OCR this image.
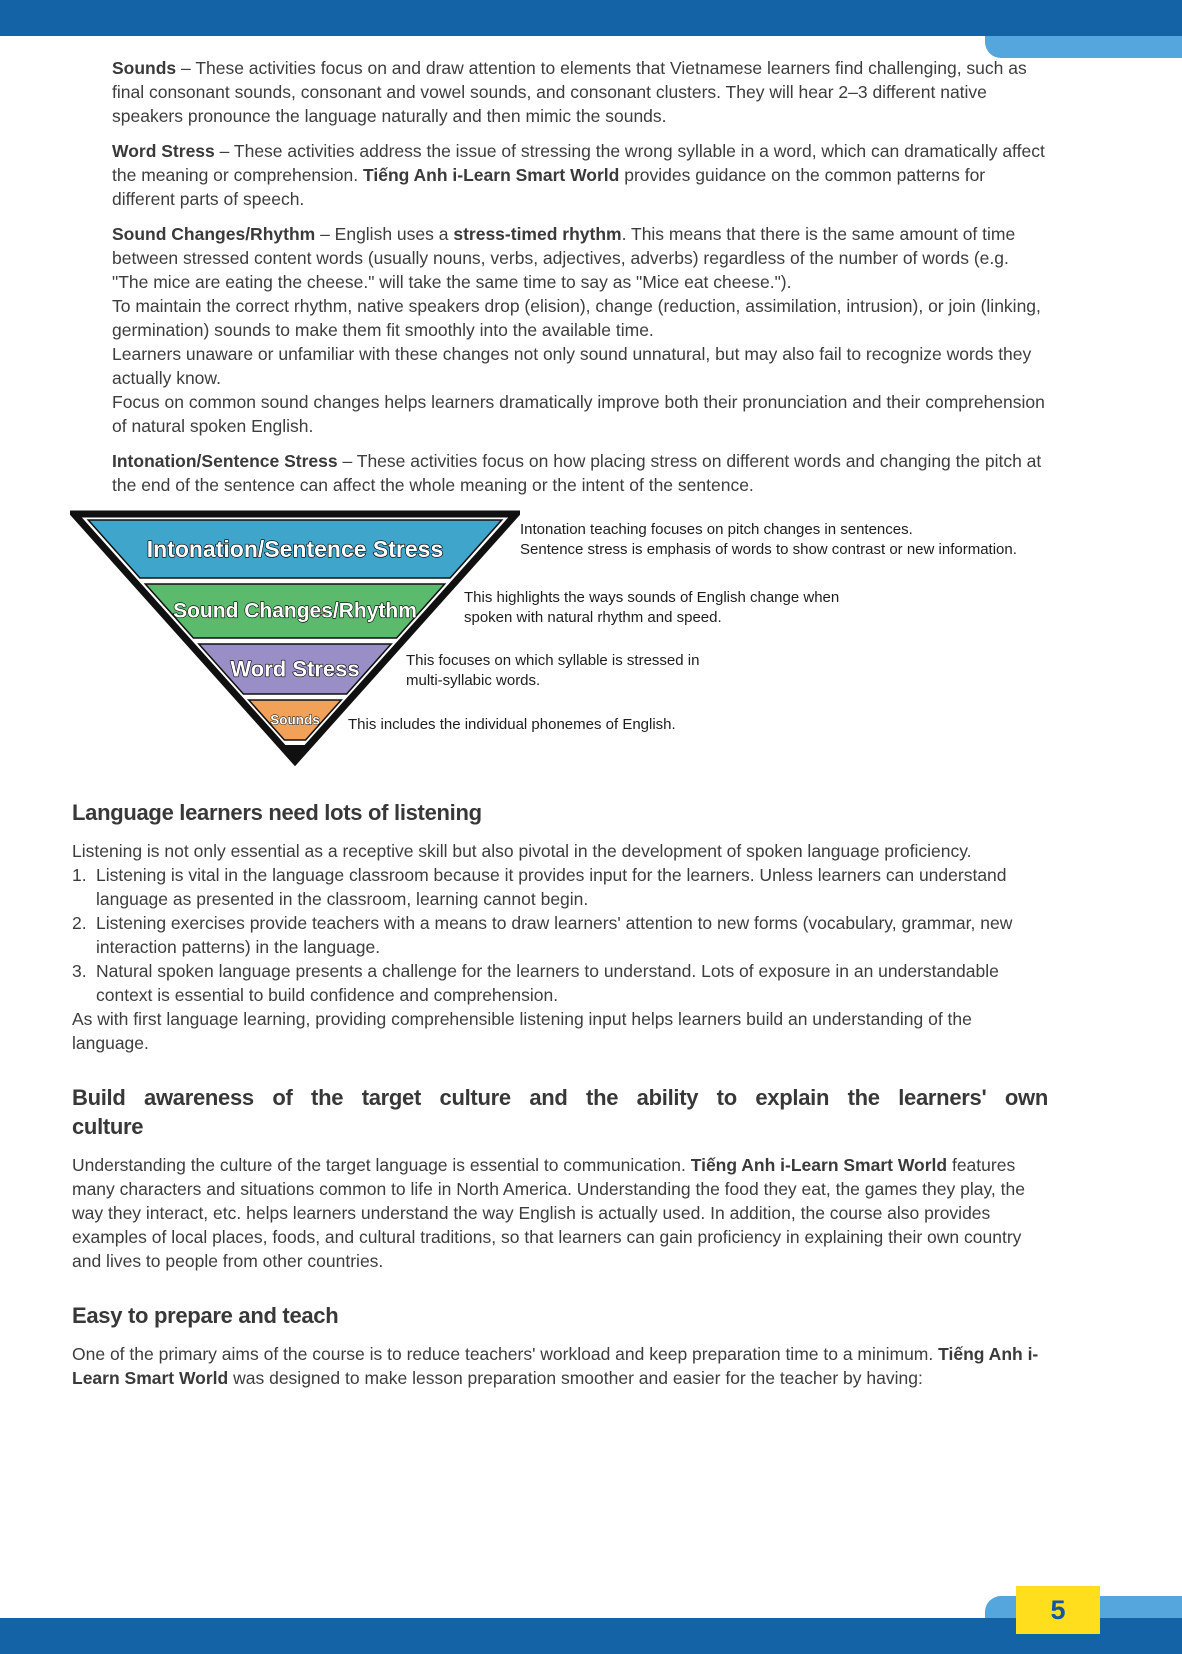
Sounds – These activities focus on and draw attention to elements that Vietnamese learners find challenging, such as final consonant sounds, consonant and vowel sounds, and consonant clusters. They will hear 2–3 different native speakers pronounce the language naturally and then mimic the sounds.

Word Stress – These activities address the issue of stressing the wrong syllable in a word, which can dramatically affect the meaning or comprehension. Tiếng Anh i-Learn Smart World provides guidance on the common patterns for different parts of speech.

Sound Changes/Rhythm – English uses a stress-timed rhythm. This means that there is the same amount of time between stressed content words (usually nouns, verbs, adjectives, adverbs) regardless of the number of words (e.g. "The mice are eating the cheese." will take the same time to say as "Mice eat cheese.").

To maintain the correct rhythm, native speakers drop (elision), change (reduction, assimilation, intrusion), or join (linking, germination) sounds to make them fit smoothly into the available time.

Learners unaware or unfamiliar with these changes not only sound unnatural, but may also fail to recognize words they actually know.

Focus on common sound changes helps learners dramatically improve both their pronunciation and their comprehension of natural spoken English.

Intonation/Sentence Stress – These activities focus on how placing stress on different words and changing the pitch at the end of the sentence can affect the whole meaning or the intent of the sentence.

Intonation/Sentence Stress
Sound Changes/Rhythm
Word Stress
Sounds
Intonation teaching focuses on pitch changes in sentences.
Sentence stress is emphasis of words to show contrast or new information.
This highlights the ways sounds of English change when
spoken with natural rhythm and speed.
This focuses on which syllable is stressed in
multi-syllabic words.
This includes the individual phonemes of English.
Language learners need lots of listening

Listening is not only essential as a receptive skill but also pivotal in the development of spoken language proficiency.

1. Listening is vital in the language classroom because it provides input for the learners. Unless learners can understand language as presented in the classroom, learning cannot begin.
2. Listening exercises provide teachers with a means to draw learners' attention to new forms (vocabulary, grammar, new interaction patterns) in the language.
3. Natural spoken language presents a challenge for the learners to understand. Lots of exposure in an understandable context is essential to build confidence and comprehension.

As with first language learning, providing comprehensible listening input helps learners build an understanding of the language.

Build awareness of the target culture and the ability to explain the learners' own
culture

Understanding the culture of the target language is essential to communication. Tiếng Anh i-Learn Smart World features many characters and situations common to life in North America. Understanding the food they eat, the games they play, the way they interact, etc. helps learners understand the way English is actually used. In addition, the course also provides examples of local places, foods, and cultural traditions, so that learners can gain proficiency in explaining their own country and lives to people from other countries.

Easy to prepare and teach

One of the primary aims of the course is to reduce teachers' workload and keep preparation time to a minimum. Tiếng Anh i-Learn Smart World was designed to make lesson preparation smoother and easier for the teacher by having:

5
